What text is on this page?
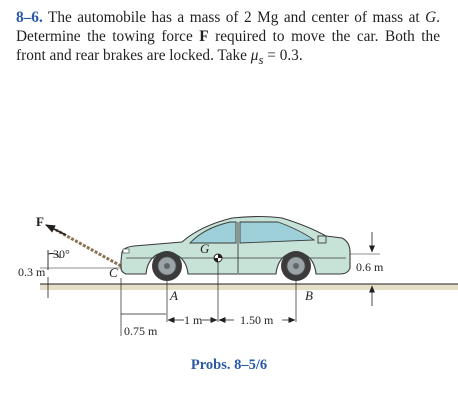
8–6. The automobile has a mass of 2 Mg and center of mass at G. Determine the towing force F required to move the car. Both the front and rear brakes are locked. Take $\mu_s = 0.3$.
F
30°	G
A	B
C
0.3 m	0.6 m
1 m	1.50 m
0.75 m
Probs. 8–5/6
